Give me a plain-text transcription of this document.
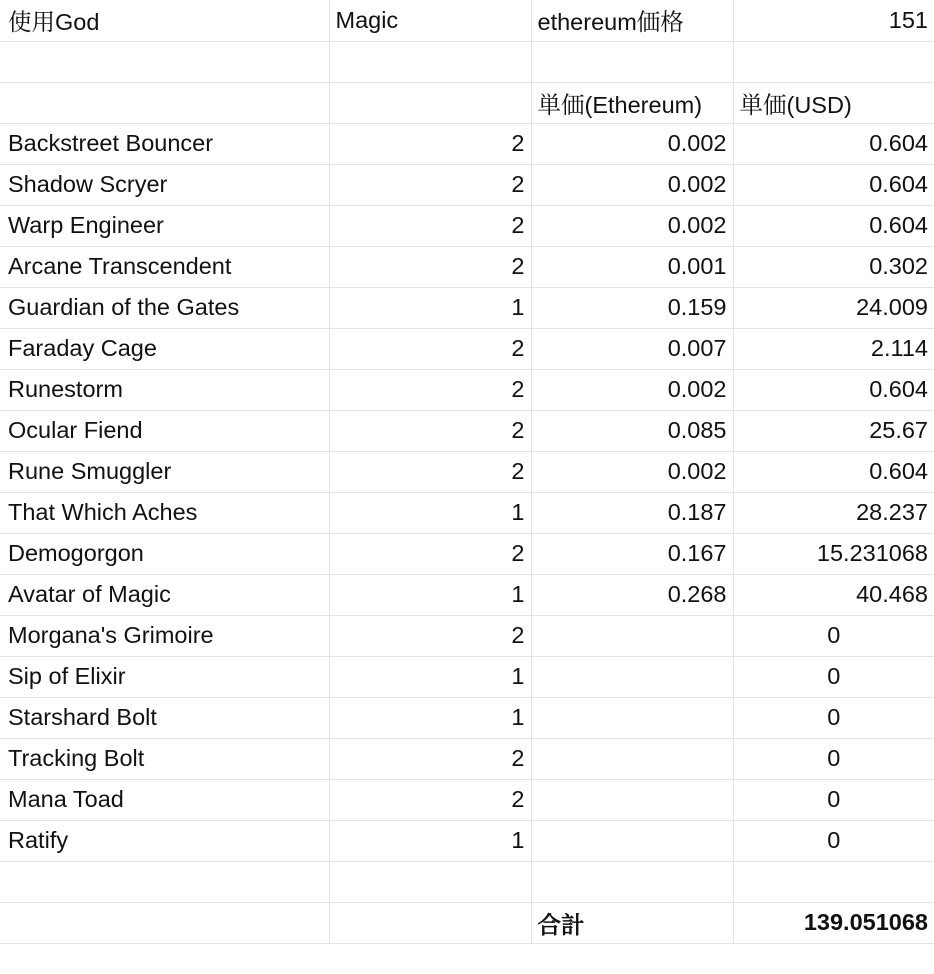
使用God	Magic	ethereum価格	151

		単価(Ethereum)	単価(USD)
Backstreet Bouncer	2	0.002	0.604
Shadow Scryer	2	0.002	0.604
Warp Engineer	2	0.002	0.604
Arcane Transcendent	2	0.001	0.302
Guardian of the Gates	1	0.159	24.009
Faraday Cage	2	0.007	2.114
Runestorm	2	0.002	0.604
Ocular Fiend	2	0.085	25.67
Rune Smuggler	2	0.002	0.604
That Which Aches	1	0.187	28.237
Demogorgon	2	0.167	15.231068
Avatar of Magic	1	0.268	40.468
Morgana's Grimoire	2		0
Sip of Elixir	1		0
Starshard Bolt	1		0
Tracking Bolt	2		0
Mana Toad	2		0
Ratify	1		0

		合計	139.051068
